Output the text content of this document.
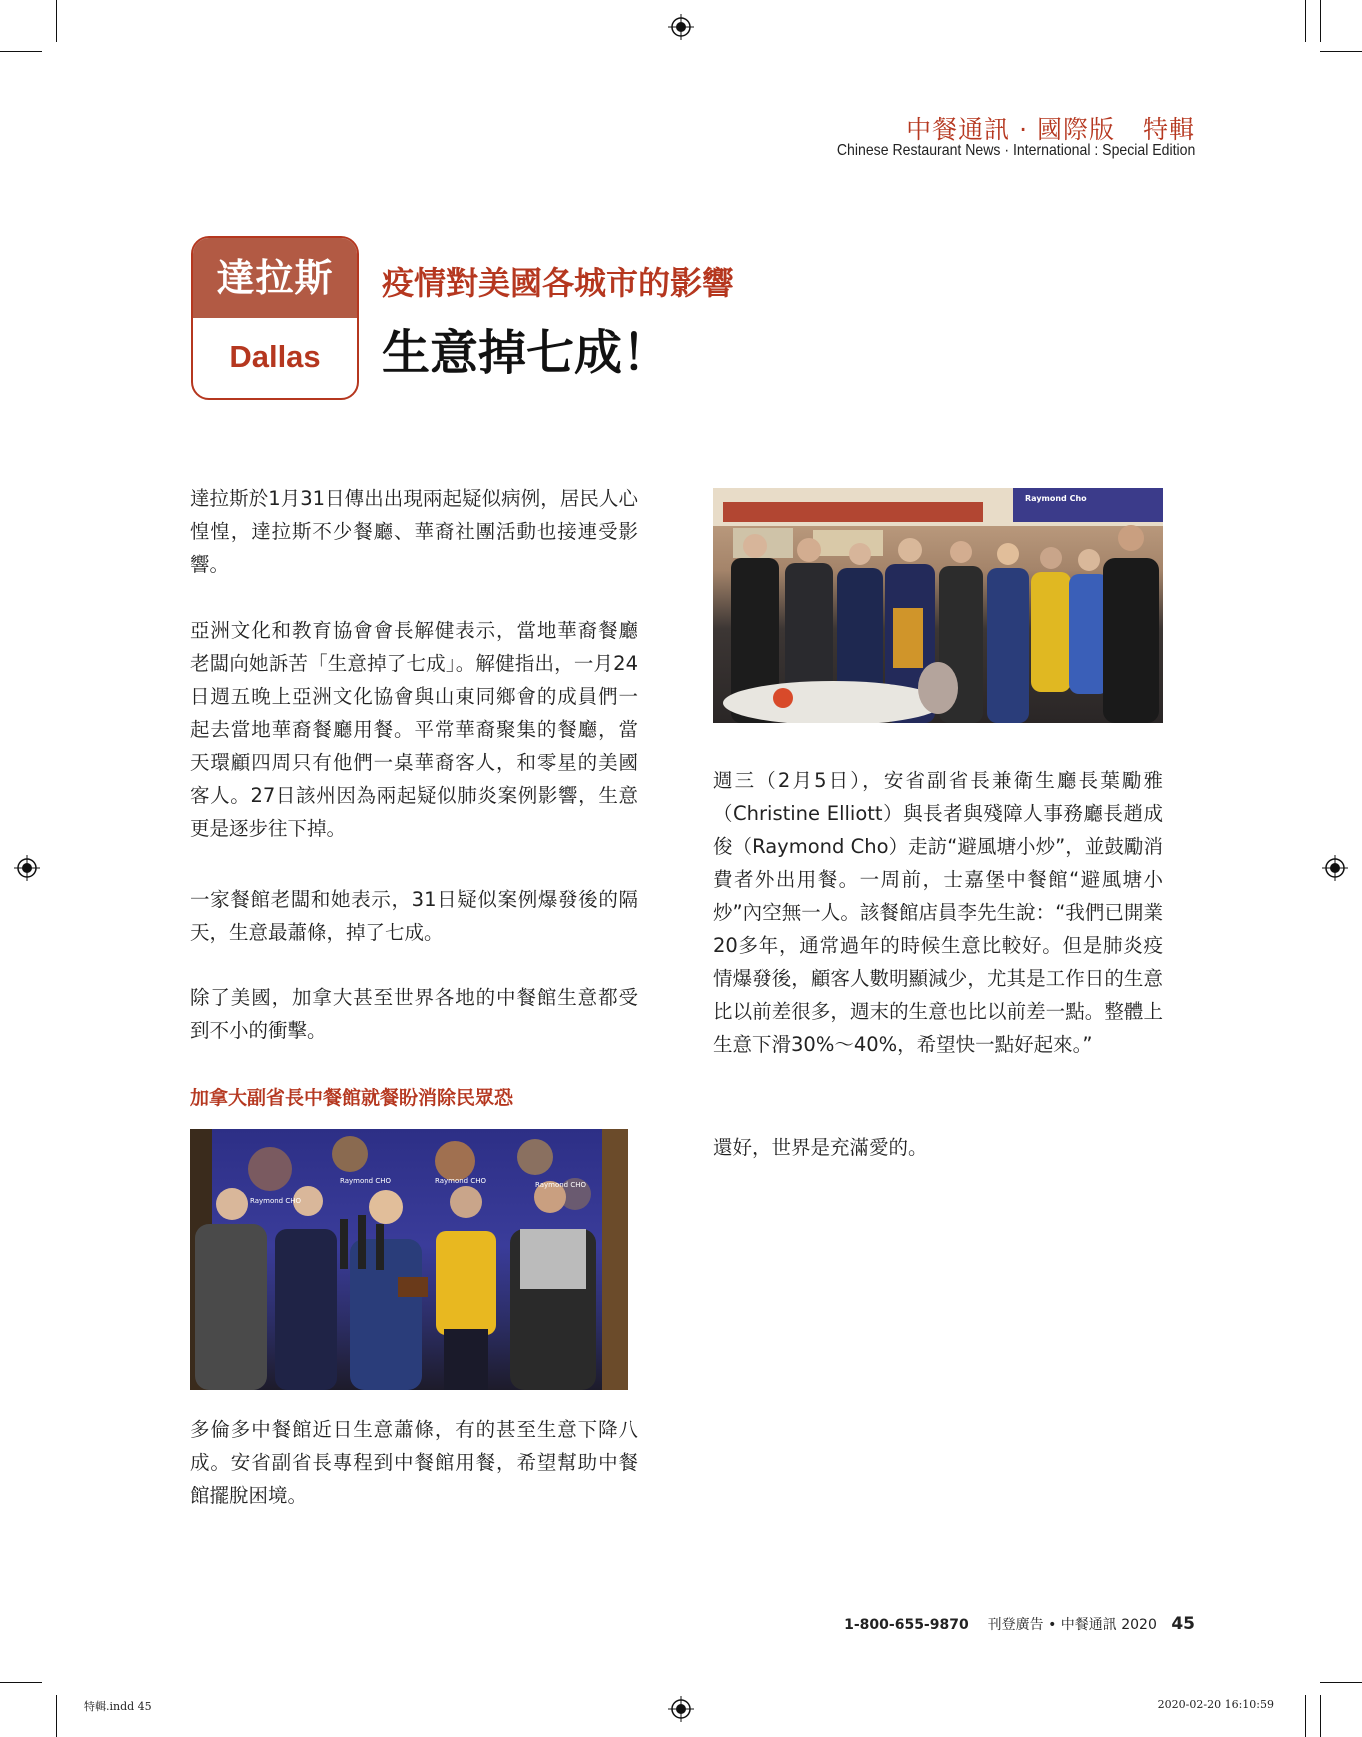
中餐通訊 · 國際版 特輯
Chinese Restaurant News · International : Special Edition
達拉斯
Dallas
疫情對美國各城市的影響
生意掉七成！
達拉斯於1月31日傳出出現兩起疑似病例，居民人心惶惶，達拉斯不少餐廳、華裔社團活動也接連受影響。
亞洲文化和教育協會會長解健表示，當地華裔餐廳老闆向她訴苦「生意掉了七成」。解健指出，一月24日週五晚上亞洲文化協會與山東同鄉會的成員們一起去當地華裔餐廳用餐。平常華裔聚集的餐廳，當天環顧四周只有他們一桌華裔客人，和零星的美國客人。27日該州因為兩起疑似肺炎案例影響，生意更是逐步往下掉。
一家餐館老闆和她表示，31日疑似案例爆發後的隔天，生意最蕭條，掉了七成。
除了美國，加拿大甚至世界各地的中餐館生意都受到不小的衝擊。
加拿大副省長中餐館就餐盼消除民眾恐
Raymond CHO
Raymond CHO	Raymond CHO	Raymond CHO
多倫多中餐館近日生意蕭條，有的甚至生意下降八成。安省副省長專程到中餐館用餐，希望幫助中餐館擺脫困境。
Raymond Cho
週三（2月5日），安省副省長兼衛生廳長葉勵雅（Christine Elliott）與長者與殘障人事務廳長趙成俊（Raymond Cho）走訪“避風塘小炒”，並鼓勵消費者外出用餐。一周前，士嘉堡中餐館“避風塘小炒”內空無一人。該餐館店員李先生說：“我們已開業20多年，通常過年的時候生意比較好。但是肺炎疫情爆發後，顧客人數明顯減少，尤其是工作日的生意比以前差很多，週末的生意也比以前差一點。整體上生意下滑30%～40%，希望快一點好起來。”
還好，世界是充滿愛的。
1-800-655-9870 刊登廣告 • 中餐通訊 2020 45
特輯.indd 45	2020-02-20 16:10:59
